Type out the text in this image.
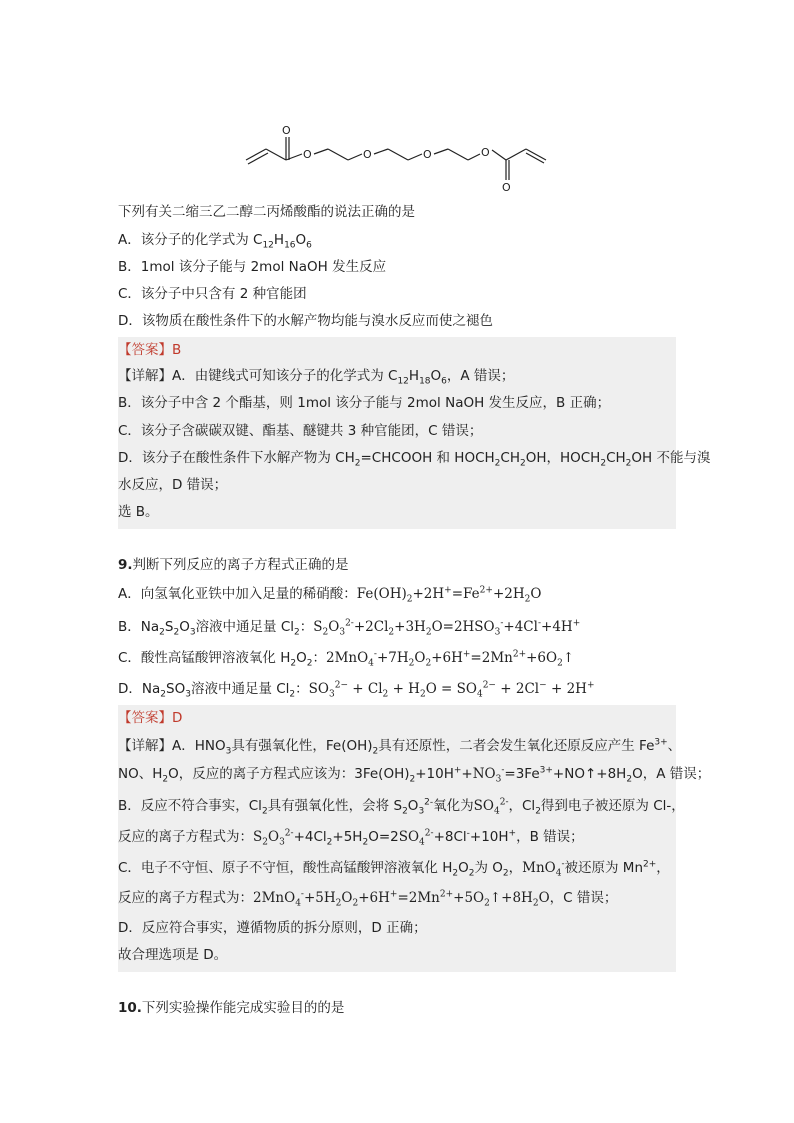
O
O	O	O	O
O
下列有关二缩三乙二醇二丙烯酸酯的说法正确的是
A．该分子的化学式为 $C_{12}H_{16}O_6$
B．1mol 该分子能与 2mol NaOH 发生反应
C．该分子中只含有 2 种官能团
D．该物质在酸性条件下的水解产物均能与溴水反应而使之褪色
【答案】B
【详解】A．由键线式可知该分子的化学式为 $C_{12}H_{18}O_6$，A 错误；
B．该分子中含 2 个酯基，则 1mol 该分子能与 2mol NaOH 发生反应，B 正确；
C．该分子含碳碳双键、酯基、醚键共 3 种官能团，C 错误；
D．该分子在酸性条件下水解产物为 $CH_2=CHCOOH$ 和 $HOCH_2CH_2OH$，$HOCH_2CH_2OH$ 不能与溴
水反应，D 错误；
选 B。
9.判断下列反应的离子方程式正确的是
A．向氢氧化亚铁中加入足量的稀硝酸：$Fe(OH)_2+2H^+=Fe^{2+}+2H_2O$
B．$Na_2S_2O_3$溶液中通足量 $Cl_2$：$S_2O_3^{2-}+2Cl_2+3H_2O=2HSO_3^-+4Cl^-+4H^+$
C．酸性高锰酸钾溶液氧化 $H_2O_2$：$2MnO_4^-+7H_2O_2+6H^+=2Mn^{2+}+6O_2↑$
D．$Na_2SO_3$溶液中通足量 $Cl_2$：$SO_3^{2-} + Cl_2 + H_2O = SO_4^{2-} + 2Cl^- + 2H^+$
【答案】D
【详解】A．$HNO_3$具有强氧化性，$Fe(OH)_2$具有还原性，二者会发生氧化还原反应产生 $Fe^{3+}$、
NO、$H_2O$，反应的离子方程式应该为：$3Fe(OH)_2+10H^++NO_3^-=3Fe^{3+}+NO↑+8H_2O$，A 错误；
B．反应不符合事实，$Cl_2$具有强氧化性，会将 $S_2O_3^{2-}$氧化为$SO_4^{2-}$，$Cl_2$得到电子被还原为 Cl-，
反应的离子方程式为：$S_2O_3^{2-}+4Cl_2+5H_2O=2SO_4^{2-}+8Cl^-+10H^+$，B 错误；
C．电子不守恒、原子不守恒，酸性高锰酸钾溶液氧化 $H_2O_2$为 $O_2$，MnO$_4$-被还原为 $Mn^{2+}$，
反应的离子方程式为：$2MnO_4^-+5H_2O_2+6H^+=2Mn^{2+}+5O_2↑+8H_2O$，C 错误；
D．反应符合事实，遵循物质的拆分原则，D 正确；
故合理选项是 D。
10.下列实验操作能完成实验目的的是
